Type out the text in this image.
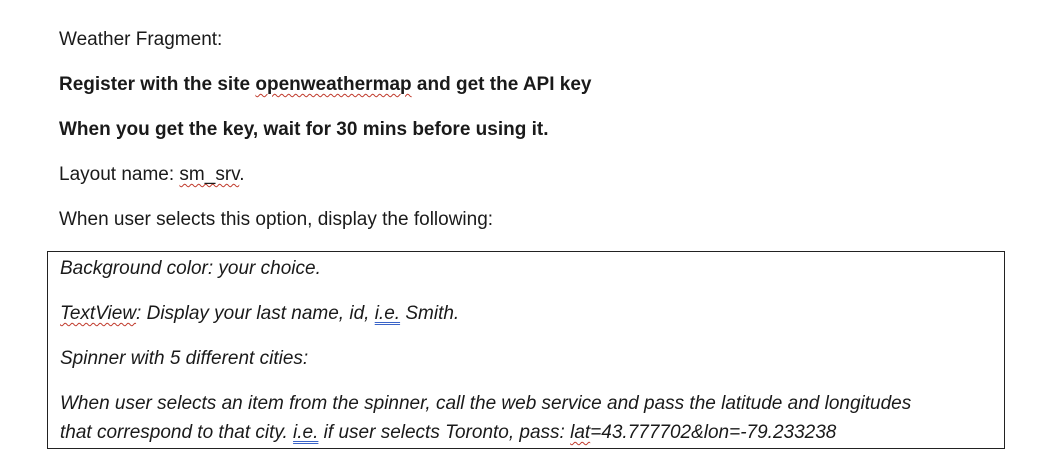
Weather Fragment:
Register with the site openweathermap and get the API key
When you get the key, wait for 30 mins before using it.
Layout name: sm_srv.
When user selects this option, display the following:
Background color: your choice.
TextView: Display your last name, id, i.e. Smith.
Spinner with 5 different cities:
When user selects an item from the spinner, call the web service and pass the latitude and longitudes
that correspond to that city. i.e. if user selects Toronto, pass: lat=43.777702&lon=-79.233238
